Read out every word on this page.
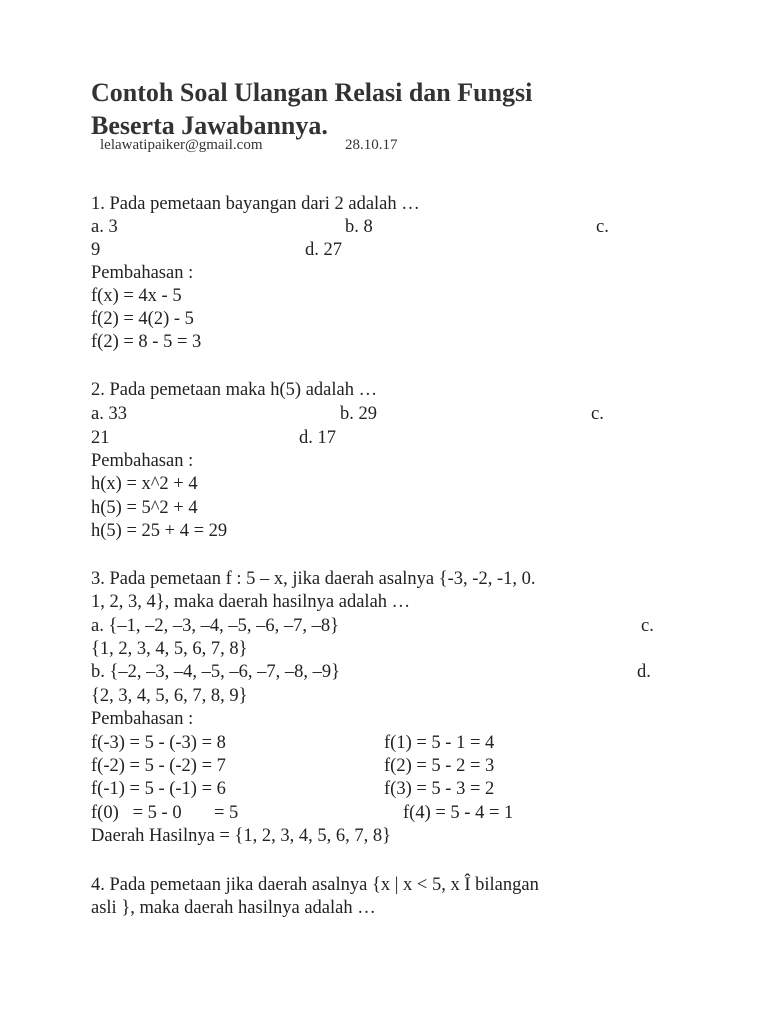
Contoh Soal Ulangan Relasi dan Fungsi
Beserta Jawabannya.
lelawatipaiker@gmail.com	28.10.17
1. Pada pemetaan bayangan dari 2 adalah …
a. 3	b. 8	c.
9	d. 27
Pembahasan :
f(x) = 4x - 5
f(2) = 4(2) - 5
f(2) = 8 - 5 = 3
2. Pada pemetaan maka h(5) adalah …
a. 33	b. 29	c.
21	d. 17
Pembahasan :
h(x) = x^2 + 4
h(5) = 5^2 + 4
h(5) = 25 + 4 = 29
3. Pada pemetaan f : 5 – x, jika daerah asalnya {-3, -2, -1, 0.
1, 2, 3, 4}, maka daerah hasilnya adalah …
a. {–1, –2, –3, –4, –5, –6, –7, –8}	c.
{1, 2, 3, 4, 5, 6, 7, 8}
b. {–2, –3, –4, –5, –6, –7, –8, –9}	d.
{2, 3, 4, 5, 6, 7, 8, 9}
Pembahasan :
f(-3) = 5 - (-3) = 8	f(1) = 5 - 1 = 4
f(-2) = 5 - (-2) = 7	f(2) = 5 - 2 = 3
f(-1) = 5 - (-1) = 6	f(3) = 5 - 3 = 2
f(0)   = 5 - 0       = 5	f(4) = 5 - 4 = 1
Daerah Hasilnya = {1, 2, 3, 4, 5, 6, 7, 8}
4. Pada pemetaan jika daerah asalnya {x | x < 5, x Î bilangan
asli }, maka daerah hasilnya adalah …
